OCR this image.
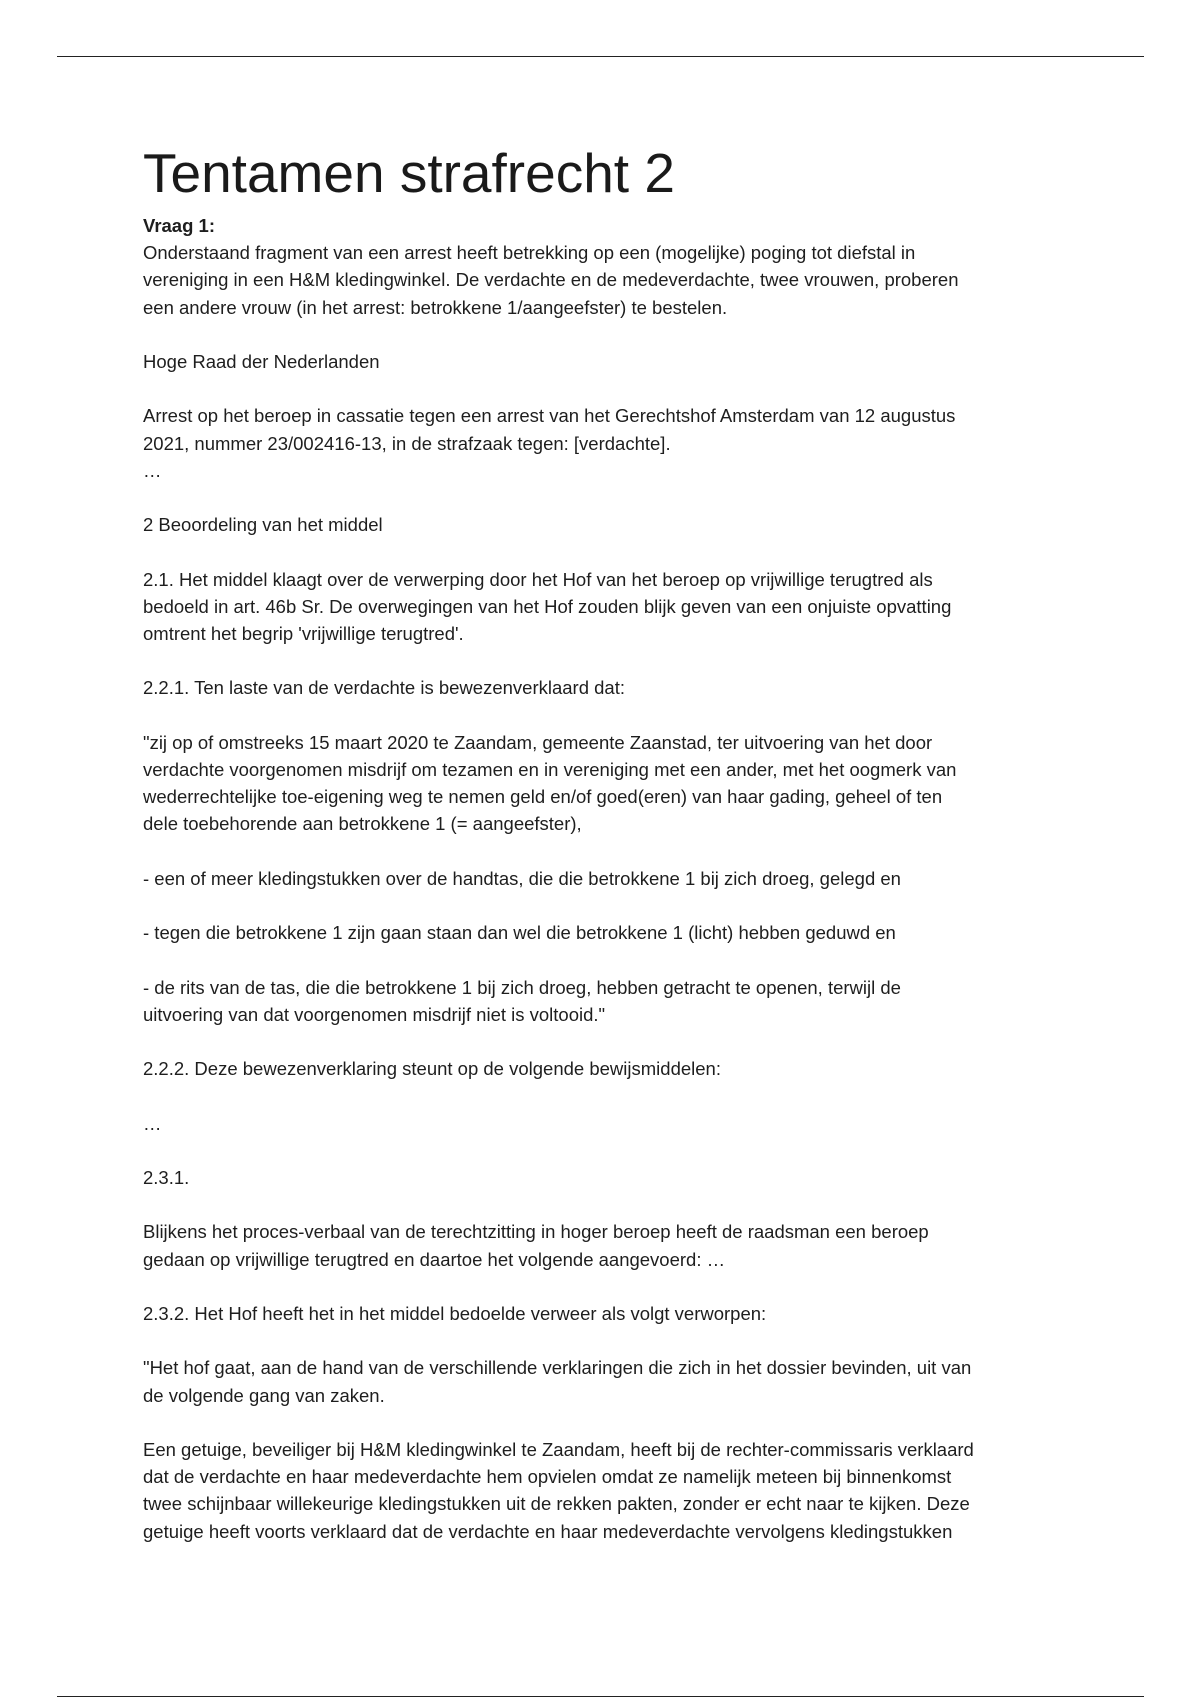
Tentamen strafrecht 2
Vraag 1:
Onderstaand fragment van een arrest heeft betrekking op een (mogelijke) poging tot diefstal in
vereniging in een H&M kledingwinkel. De verdachte en de medeverdachte, twee vrouwen, proberen
een andere vrouw (in het arrest: betrokkene 1/aangeefster) te bestelen.
Hoge Raad der Nederlanden
Arrest op het beroep in cassatie tegen een arrest van het Gerechtshof Amsterdam van 12 augustus
2021, nummer 23/002416-13, in de strafzaak tegen: [verdachte].
…
2 Beoordeling van het middel
2.1. Het middel klaagt over de verwerping door het Hof van het beroep op vrijwillige terugtred als
bedoeld in art. 46b Sr. De overwegingen van het Hof zouden blijk geven van een onjuiste opvatting
omtrent het begrip 'vrijwillige terugtred'.
2.2.1. Ten laste van de verdachte is bewezenverklaard dat:
"zij op of omstreeks 15 maart 2020 te Zaandam, gemeente Zaanstad, ter uitvoering van het door
verdachte voorgenomen misdrijf om tezamen en in vereniging met een ander, met het oogmerk van
wederrechtelijke toe-eigening weg te nemen geld en/of goed(eren) van haar gading, geheel of ten
dele toebehorende aan betrokkene 1 (= aangeefster),
- een of meer kledingstukken over de handtas, die die betrokkene 1 bij zich droeg, gelegd en
- tegen die betrokkene 1 zijn gaan staan dan wel die betrokkene 1 (licht) hebben geduwd en
- de rits van de tas, die die betrokkene 1 bij zich droeg, hebben getracht te openen, terwijl de
uitvoering van dat voorgenomen misdrijf niet is voltooid."
2.2.2. Deze bewezenverklaring steunt op de volgende bewijsmiddelen:
…
2.3.1.
Blijkens het proces-verbaal van de terechtzitting in hoger beroep heeft de raadsman een beroep
gedaan op vrijwillige terugtred en daartoe het volgende aangevoerd: …
2.3.2. Het Hof heeft het in het middel bedoelde verweer als volgt verworpen:
"Het hof gaat, aan de hand van de verschillende verklaringen die zich in het dossier bevinden, uit van
de volgende gang van zaken.
Een getuige, beveiliger bij H&M kledingwinkel te Zaandam, heeft bij de rechter-commissaris verklaard
dat de verdachte en haar medeverdachte hem opvielen omdat ze namelijk meteen bij binnenkomst
twee schijnbaar willekeurige kledingstukken uit de rekken pakten, zonder er echt naar te kijken. Deze
getuige heeft voorts verklaard dat de verdachte en haar medeverdachte vervolgens kledingstukken
